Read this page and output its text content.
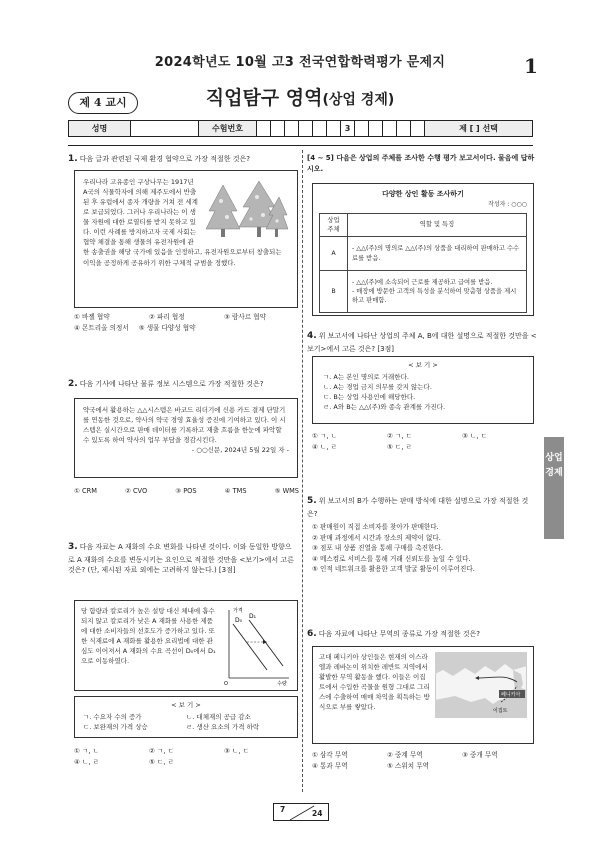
2024학년도 10월 고3 전국연합학력평가 문제지	1
제 4 교시	직업탐구 영역(상업 경제)
성명	수험번호	3	제 [ ] 선택
1. 다음 글과 관련된 국제 환경 협약으로 가장 적절한 것은?
우리나라 고유종인 구상나무는 1917년 A국의 식물학자에 의해 제주도에서 반출된 후 유럽에서 종자 개량을 거쳐 전 세계로 보급되었다. 그러나 우리나라는 이 생물 자원에 대한 로열티를 받지 못하고 있다. 이런 사례를 방지하고자 국제 사회는 협약 체결을 통해 생물의 유전자원에 관한 송출권을 해당 국가에 있음을 인정하고, 유전자원으로부터 창출되는 이익을 공정하게 공유하기 위한 구체적 규범을 정했다.
① 바젤 협약	② 파리 협정	③ 람사르 협약
④ 몬트리올 의정서 ⑤ 생물 다양성 협약
2. 다음 기사에 나타난 물류 정보 시스템으로 가장 적절한 것은?
약국에서 활용하는 △△시스템은 바코드 리더기에 신용 카드 결제 단말기를 연동한 것으로, 약사의 약국 경영 효율성 증진에 기여하고 있다. 이 시스템은 실시간으로 판매 데이터를 기록하고 재출 흐름을 한눈에 파악할 수 있도록 하여 약사의 업무 부담을 경감시킨다.
- ○○신문, 2024년 5월 22일 자 -
① CRM	② CVO	③ POS	④ TMS	⑤ WMS
3. 다음 자료는 A 재화의 수요 변화를 나타낸 것이다. 이와 동일한 방향으로 A 재화의 수요를 변동시키는 요인으로 적절한 것만을 <보기>에서 고른 것은? (단, 제시된 자료 외에는 고려하지 않는다.) [3점]
가격
수량
O
D₀
D₁
당 함량과 칼로리가 높은 설탕 대신 체내에 흡수되지 않고 칼로리가 낮은 A 재화를 사용한 제품에 대한 소비자들의 선호도가 증가하고 있다. 또한 식재료에 A 재화를 활용한 요리법에 대한 관심도 이어져서 A 재화의 수요 곡선이 D₀에서 D₁으로 이동하였다.
< 보 기 >
ㄱ. 수요자 수의 증가	ㄴ. 대체재의 공급 감소
ㄷ. 보완재의 가격 상승	ㄹ. 생산 요소의 가격 하락
① ㄱ, ㄴ	② ㄱ, ㄷ	③ ㄴ, ㄷ
④ ㄴ, ㄹ	⑤ ㄷ, ㄹ
[4 ~ 5] 다음은 상업의 주체를 조사한 수행 평가 보고서이다. 물음에 답하시오.
다양한 상인 활동 조사하기
작성자 : ○○○
상업 주체	역할 및 특징
A	- △△(주)의 명의로 △△(주)의 상품을 대리하여 판매하고 수수료를 받음.
B	- △△(주)에 소속되어 근로를 제공하고 급여를 받음.
- 매장에 방문한 고객의 특성을 분석하여 맞춤형 상품을 제시하고 판매함.
4. 위 보고서에 나타난 상업의 주체 A, B에 대한 설명으로 적절한 것만을 <보기>에서 고른 것은? [3점]
< 보 기 >
ㄱ. A는 본인 명의로 거래한다.
ㄴ. A는 경업 금지 의무를 갖지 않는다.
ㄷ. B는 상업 사용인에 해당한다.
ㄹ. A와 B는 △△(주)와 종속 관계를 가진다.
① ㄱ, ㄴ	② ㄱ, ㄷ	③ ㄴ, ㄷ
④ ㄴ, ㄹ	⑤ ㄷ, ㄹ
5. 위 보고서의 B가 수행하는 판매 방식에 대한 설명으로 가장 적절한 것은?
① 판매원이 직접 소비자를 찾아가 판매한다.
② 판매 과정에서 시간과 장소의 제약이 없다.
③ 점포 내 상품 진열을 통해 구매를 촉진한다.
④ 메스컴로 서비스를 통해 거래 신뢰도를 높일 수 있다.
⑤ 인적 네트워크를 활용한 고객 발굴 활동이 이루어진다.
6. 다음 자료에 나타난 무역의 종류로 가장 적절한 것은?
이집트
페니키아
고대 페니키아 상인들은 현재의 이스라엘과 레바논이 위치한 레반트 지역에서 활발한 무역 활동을 했다. 이들은 이집트에서 수입한 곡물을 원형 그대로 그리스에 수출하여 매매 차익을 획득하는 방식으로 부를 쌓았다.
① 삼각 무역	② 중계 무역	③ 중개 무역
④ 통과 무역	⑤ 스위치 무역
상업 경제
7	24
